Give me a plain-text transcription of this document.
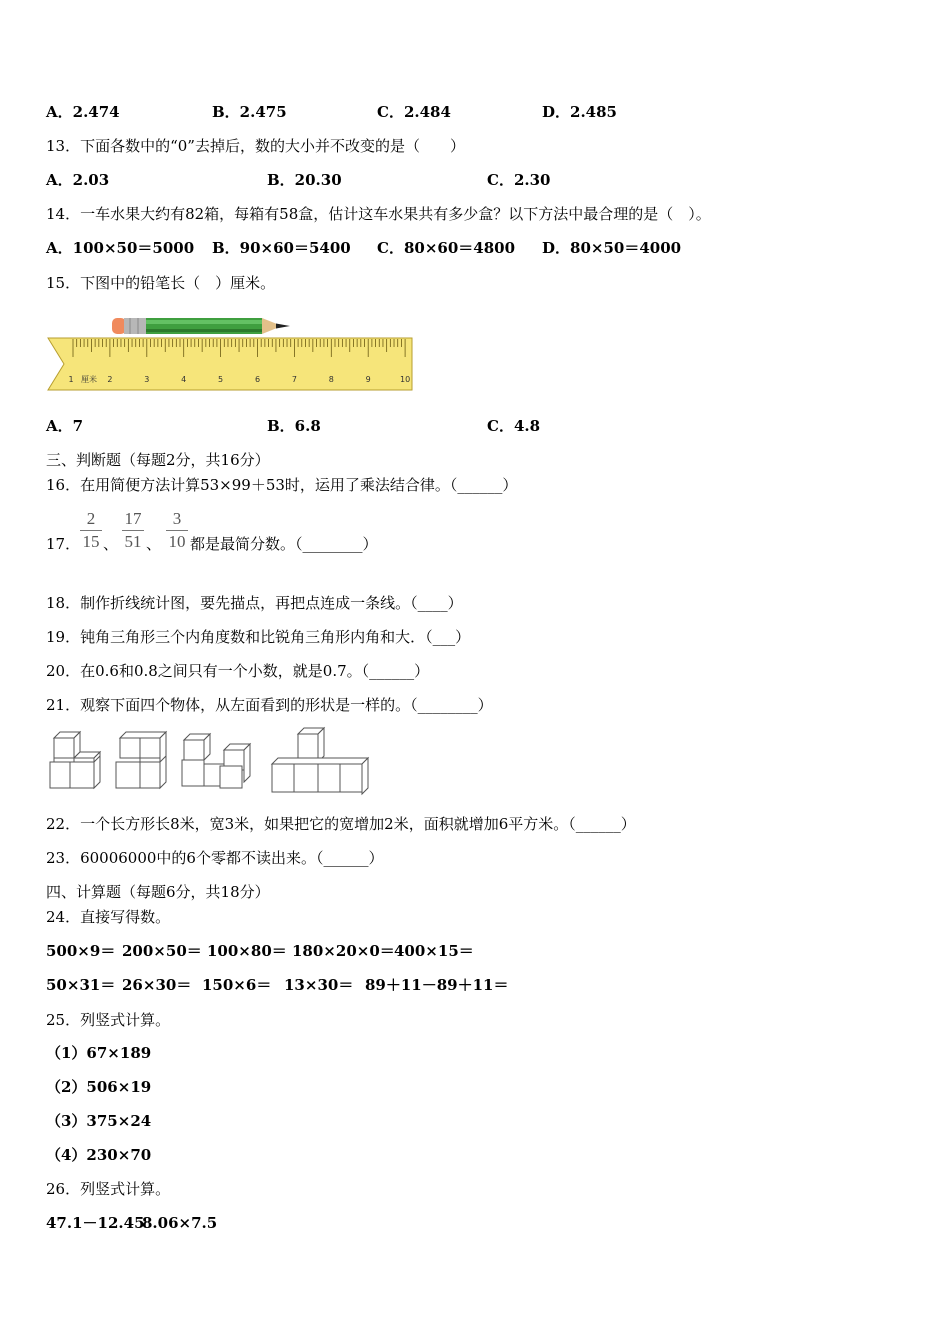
A．2.474	B．2.475	C．2.484	D．2.485
13．下面各数中的“0”去掉后，数的大小并不改变的是（　　）
A．2.03	B．20.30	C．2.30
14．一车水果大约有82箱，每箱有58盒，估计这车水果共有多少盒？以下方法中最合理的是（　）。
A．100×50＝5000 B．90×60＝5400 C．80×60＝4800 D．80×50＝4000
15．下图中的铅笔长（　）厘米。
1	2	3	4	5	6	7	8	9	10
厘米
A．7	B．6.8	C．4.8
三、判断题（每题2分，共16分）
16．在用简便方法计算53×99＋53时，运用了乘法结合律。（______）
17．
2
15 、
17
51 、
3
10 都是最简分数。（________）
18．制作折线统计图，要先描点，再把点连成一条线。（____）
19．钝角三角形三个内角度数和比锐角三角形内角和大．（___）
20．在0.6和0.8之间只有一个小数，就是0.7。（______）
21．观察下面四个物体，从左面看到的形状是一样的。（________）
22．一个长方形长8米，宽3米，如果把它的宽增加2米，面积就增加6平方米。（______）
23．60006000中的6个零都不读出来。（______）
四、计算题（每题6分，共18分）
24．直接写得数。
500×9＝ 200×50＝ 100×80＝ 180×20×0＝ 400×15＝
50×31＝ 26×30＝ 150×6＝ 13×30＝ 89＋11－89＋11＝
25．列竖式计算。
（1）67×189
（2）506×19
（3）375×24
（4）230×70
26．列竖式计算。
47.1－12.45
8.06×7.5
